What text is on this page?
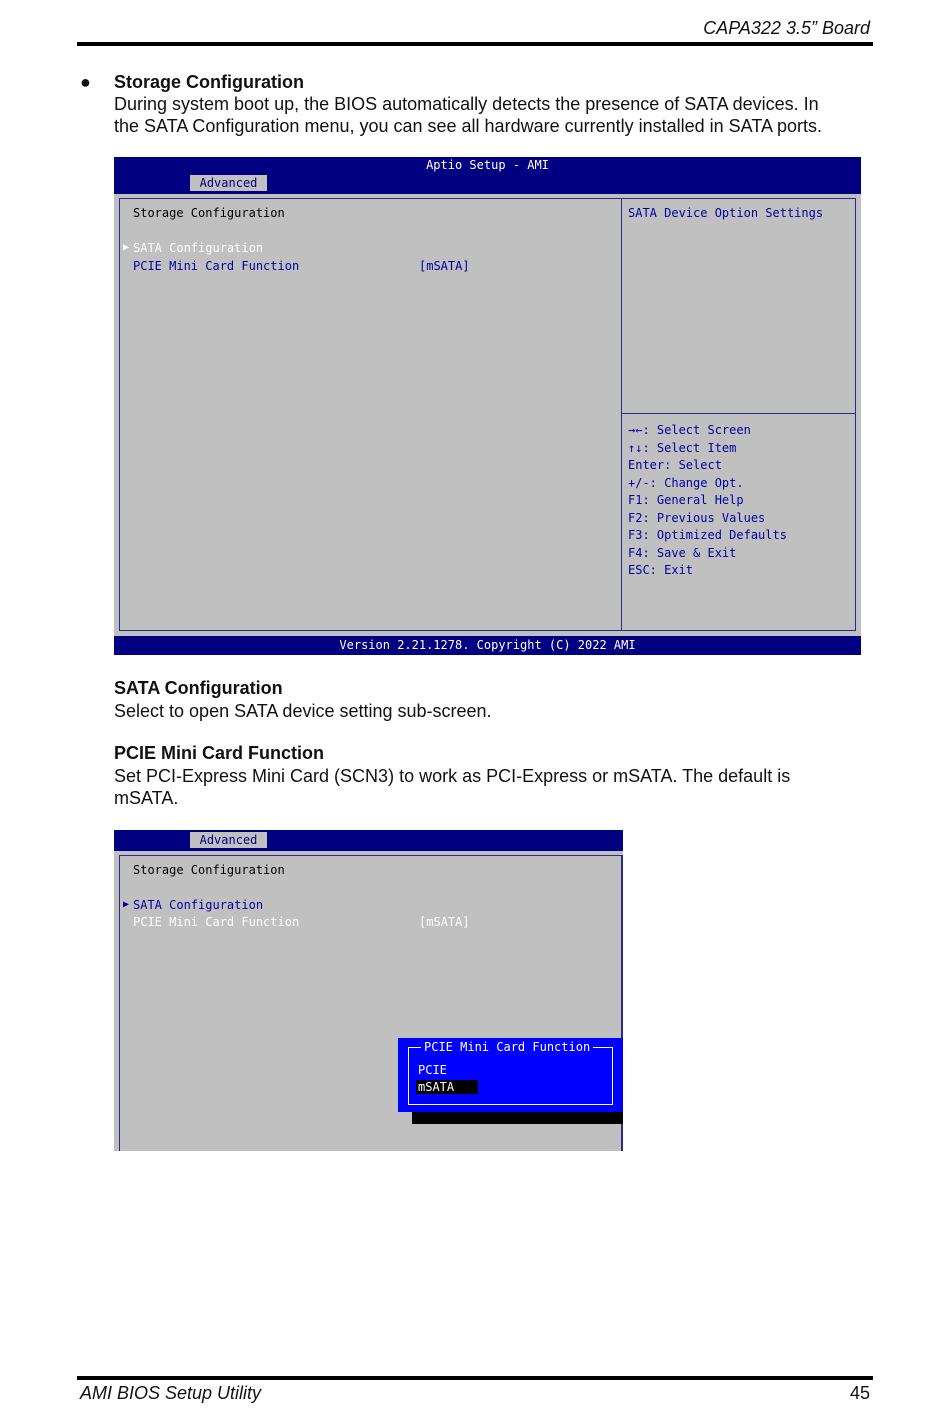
CAPA322 3.5” Board
● Storage Configuration
During system boot up, the BIOS automatically detects the presence of SATA devices. In
the SATA Configuration menu, you can see all hardware currently installed in SATA ports.
Aptio Setup - AMI
Advanced
Storage Configuration
▶ SATA Configuration
PCIE Mini Card Function	[mSATA]
SATA Device Option Settings
→←: Select Screen
↑↓: Select Item
Enter: Select
+/-: Change Opt.
F1: General Help
F2: Previous Values
F3: Optimized Defaults
F4: Save & Exit
ESC: Exit
Version 2.21.1278. Copyright (C) 2022 AMI
SATA Configuration
Select to open SATA device setting sub-screen.
PCIE Mini Card Function
Set PCI-Express Mini Card (SCN3) to work as PCI-Express or mSATA. The default is
mSATA.
Advanced
Storage Configuration
▶ SATA Configuration
PCIE Mini Card Function	[mSATA]
PCIE Mini Card Function
PCIE
mSATA
AMI BIOS Setup Utility	45
